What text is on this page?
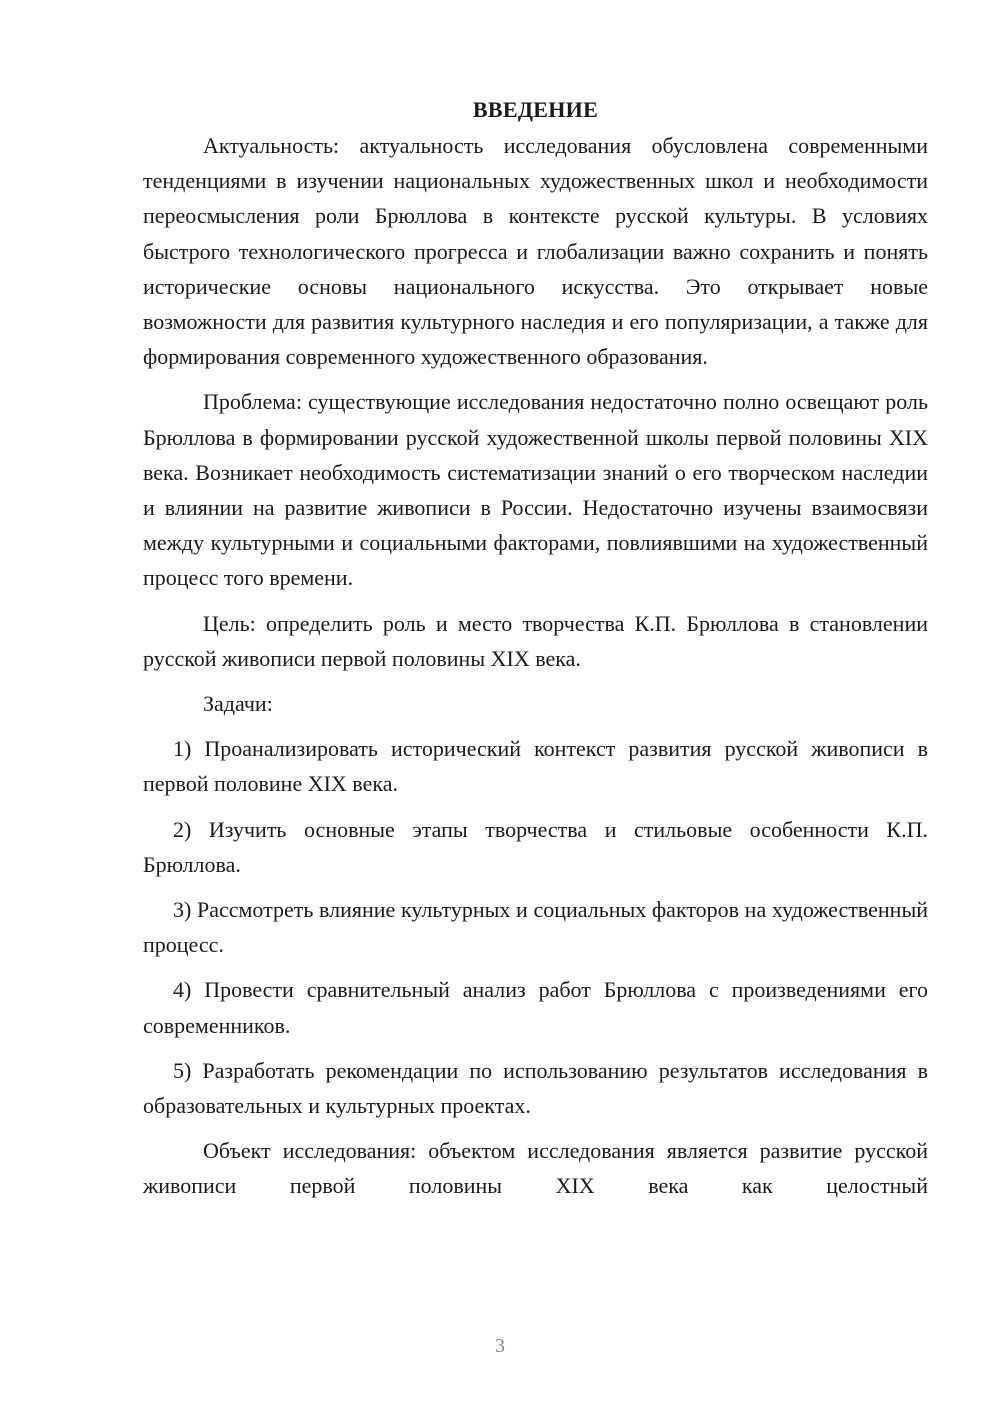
ВВЕДЕНИЕ

Актуальность: актуальность исследования обусловлена современными тенденциями в изучении национальных художественных школ и необходимости переосмысления роли Брюллова в контексте русской культуры. В условиях быстрого технологического прогресса и глобализации важно сохранить и понять исторические основы национального искусства. Это открывает новые возможности для развития культурного наследия и его популяризации, а также для формирования современного художественного образования.

Проблема: существующие исследования недостаточно полно освещают роль Брюллова в формировании русской художественной школы первой половины XIX века. Возникает необходимость систематизации знаний о его творческом наследии и влиянии на развитие живописи в России. Недостаточно изучены взаимосвязи между культурными и социальными факторами, повлиявшими на художественный процесс того времени.

Цель: определить роль и место творчества К.П. Брюллова в становлении русской живописи первой половины XIX века.

Задачи:

1) Проанализировать исторический контекст развития русской живописи в первой половине XIX века.

2) Изучить основные этапы творчества и стильовые особенности К.П. Брюллова.

3) Рассмотреть влияние культурных и социальных факторов на художественный процесс.

4) Провести сравнительный анализ работ Брюллова с произведениями его современников.

5) Разработать рекомендации по использованию результатов исследования в образовательных и культурных проектах.

Объект исследования: объектом исследования является развитие русской живописи первой половины XIX века как целостный

3
